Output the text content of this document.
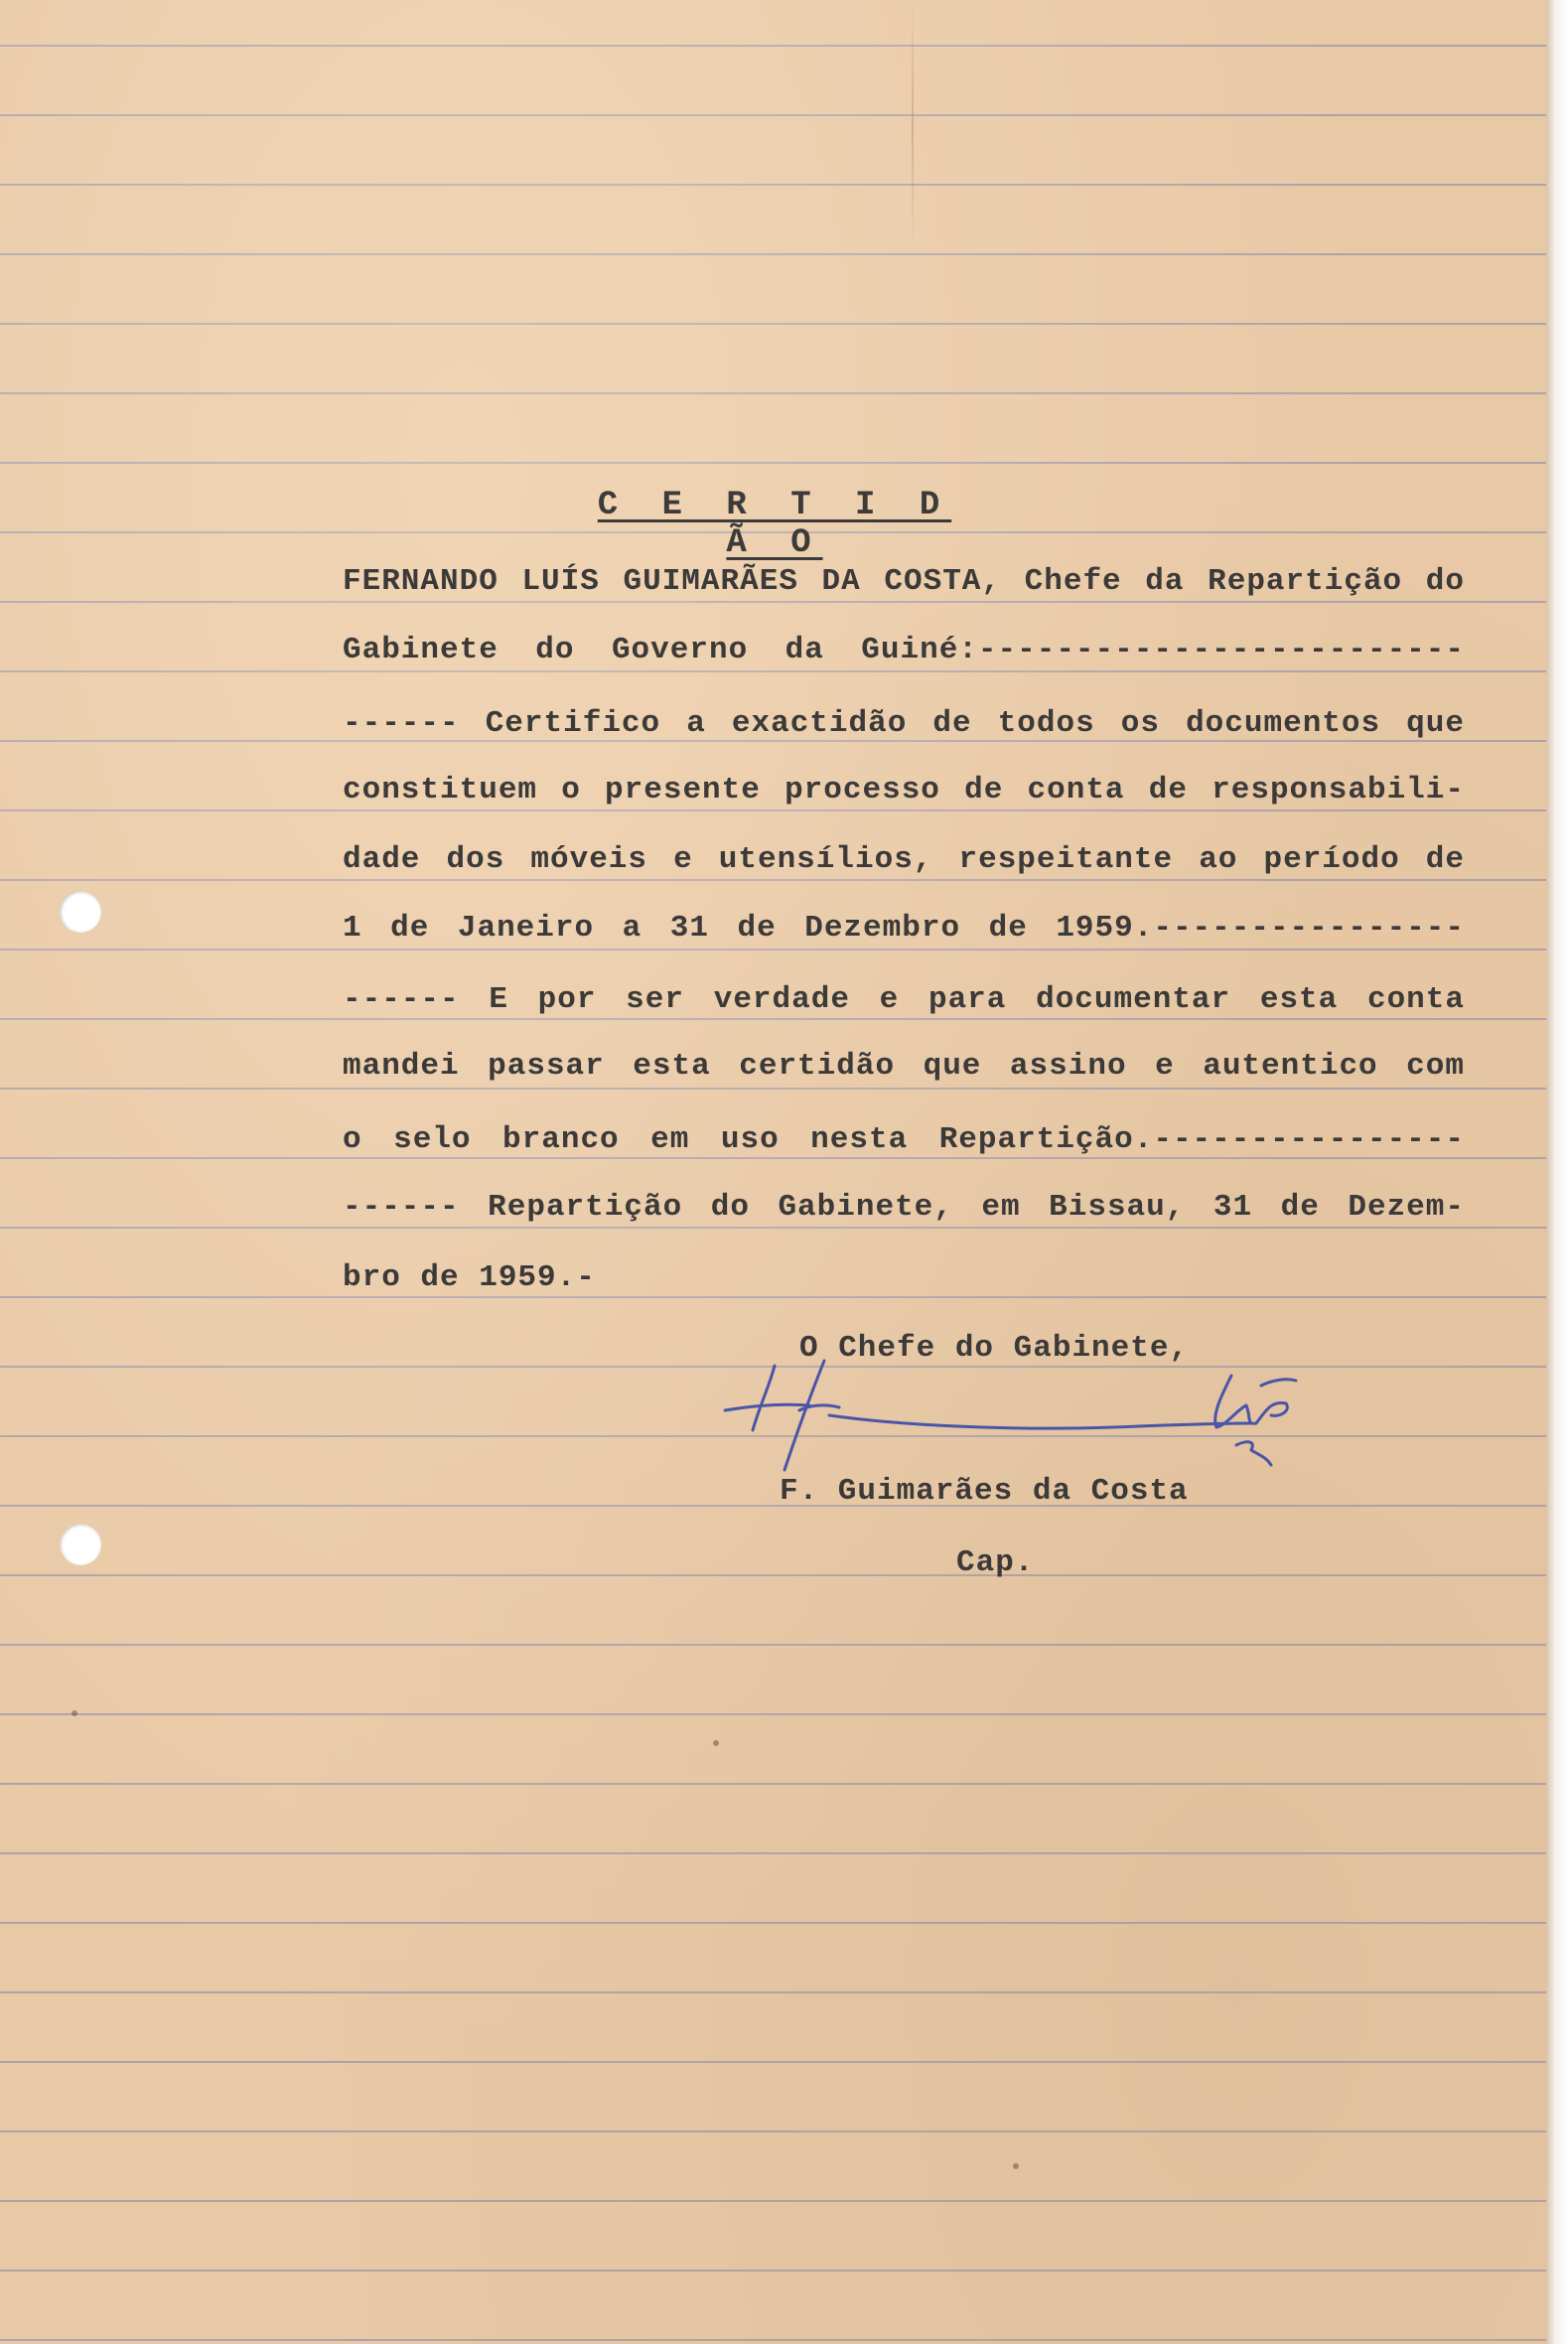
C E R T I D Ã O
FERNANDO LUÍS GUIMARÃES DA COSTA, Chefe da Repartição do
Gabinete do Governo da Guiné:-------------------------
------ Certifico a exactidão de todos os documentos que
constituem o presente processo de conta de responsabili-
dade dos móveis e utensílios, respeitante ao período de
1 de Janeiro a 31 de Dezembro de 1959.----------------
------ E por ser verdade e para documentar esta conta
mandei passar esta certidão que assino e autentico com
o selo branco em uso nesta Repartição.----------------
------ Repartição do Gabinete, em Bissau, 31 de Dezem-
bro de 1959.-
O Chefe do Gabinete,
F. Guimarães da Costa
Cap.
